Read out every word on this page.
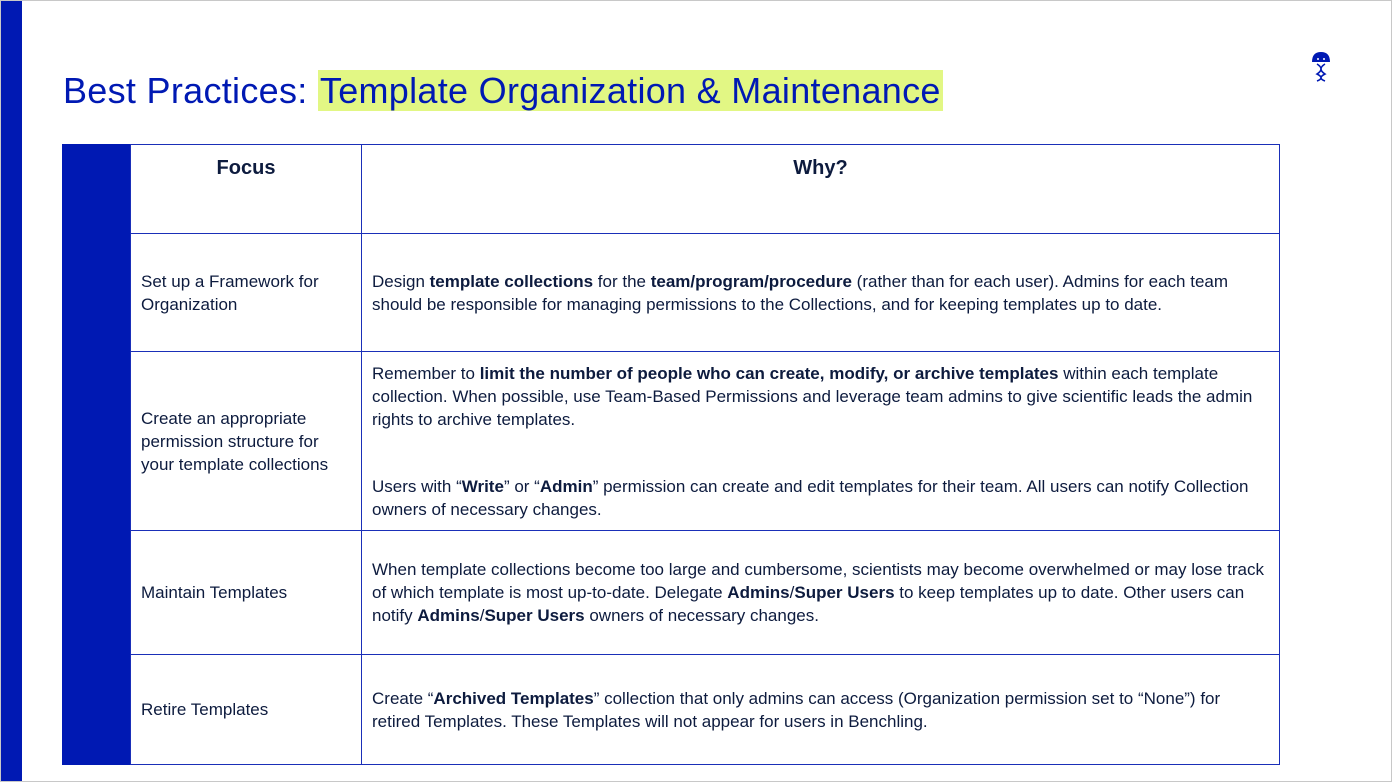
Best Practices: Template Organization & Maintenance
Focus	Why?
Set up a Framework for Organization	Design template collections for the team/program/procedure (rather than for each user). Admins for each team should be responsible for managing permissions to the Collections, and for keeping templates up to date.

Create an appropriate permission structure for your template collections	Remember to limit the number of people who can create, modify, or archive templates within each template collection. When possible, use Team-Based Permissions and leverage team admins to give scientific leads the admin rights to archive templates.

Users with “Write” or “Admin” permission can create and edit templates for their team. All users can notify Collection owners of necessary changes.

Maintain Templates	When template collections become too large and cumbersome, scientists may become overwhelmed or may lose track of which template is most up-to-date. Delegate Admins/Super Users to keep templates up to date. Other users can notify Admins/Super Users owners of necessary changes.

Retire Templates	Create “Archived Templates” collection that only admins can access (Organization permission set to “None”) for retired Templates. These Templates will not appear for users in Benchling.
